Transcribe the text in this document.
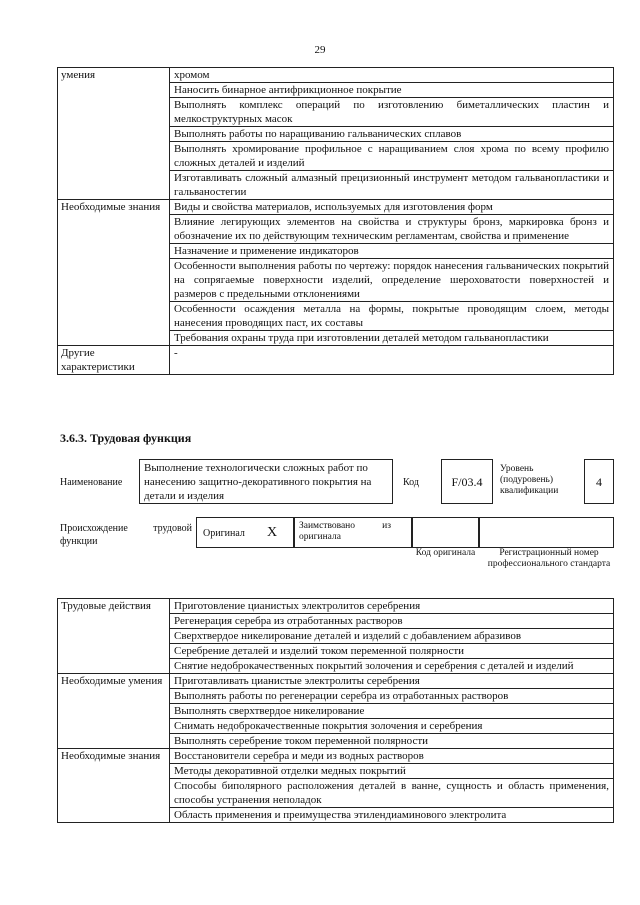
29
умения	хромом
	Наносить бинарное антифрикционное покрытие
	Выполнять комплекс операций по изготовлению биметаллических пластин и мелкоструктурных масок
	Выполнять работы по наращиванию гальванических сплавов
	Выполнять хромирование профильное с наращиванием слоя хрома по всему профилю сложных деталей и изделий
	Изготавливать сложный алмазный прецизионный инструмент методом гальванопластики и гальваностегии
Необходимые знания	Виды и свойства материалов, используемых для изготовления форм
	Влияние легирующих элементов на свойства и структуры бронз, маркировка бронз и обозначение их по действующим техническим регламентам, свойства и применение
	Назначение и применение индикаторов
	Особенности выполнения работы по чертежу: порядок нанесения гальванических покрытий на сопрягаемые поверхности изделий, определение шероховатости поверхностей и размеров с предельными отклонениями
	Особенности осаждения металла на формы, покрытые проводящим слоем, методы нанесения проводящих паст, их составы
	Требования охраны труда при изготовлении деталей методом гальванопластики
Другие характеристики	-
3.6.3. Трудовая функция
Наименование
Выполнение технологически сложных работ по нанесению защитно-декоративного покрытия на детали и изделия
Код	F/03.4
Уровень (подуровень) квалификации
4
Происхождение трудовой функции
Оригинал X Заимствовано из оригинала
Код оригинала	Регистрационный номер профессионального стандарта
Трудовые действия	Приготовление цианистых электролитов серебрения
	Регенерация серебра из отработанных растворов
	Сверхтвердое никелирование деталей и изделий с добавлением абразивов
	Серебрение деталей и изделий током переменной полярности
	Снятие недоброкачественных покрытий золочения и серебрения с деталей и изделий
Необходимые умения	Приготавливать цианистые электролиты серебрения
	Выполнять работы по регенерации серебра из отработанных растворов
	Выполнять сверхтвердое никелирование
	Снимать недоброкачественные покрытия золочения и серебрения
	Выполнять серебрение током переменной полярности
Необходимые знания	Восстановители серебра и меди из водных растворов
	Методы декоративной отделки медных покрытий
	Способы биполярного расположения деталей в ванне, сущность и область применения, способы устранения неполадок
	Область применения и преимущества этилендиаминового электролита
